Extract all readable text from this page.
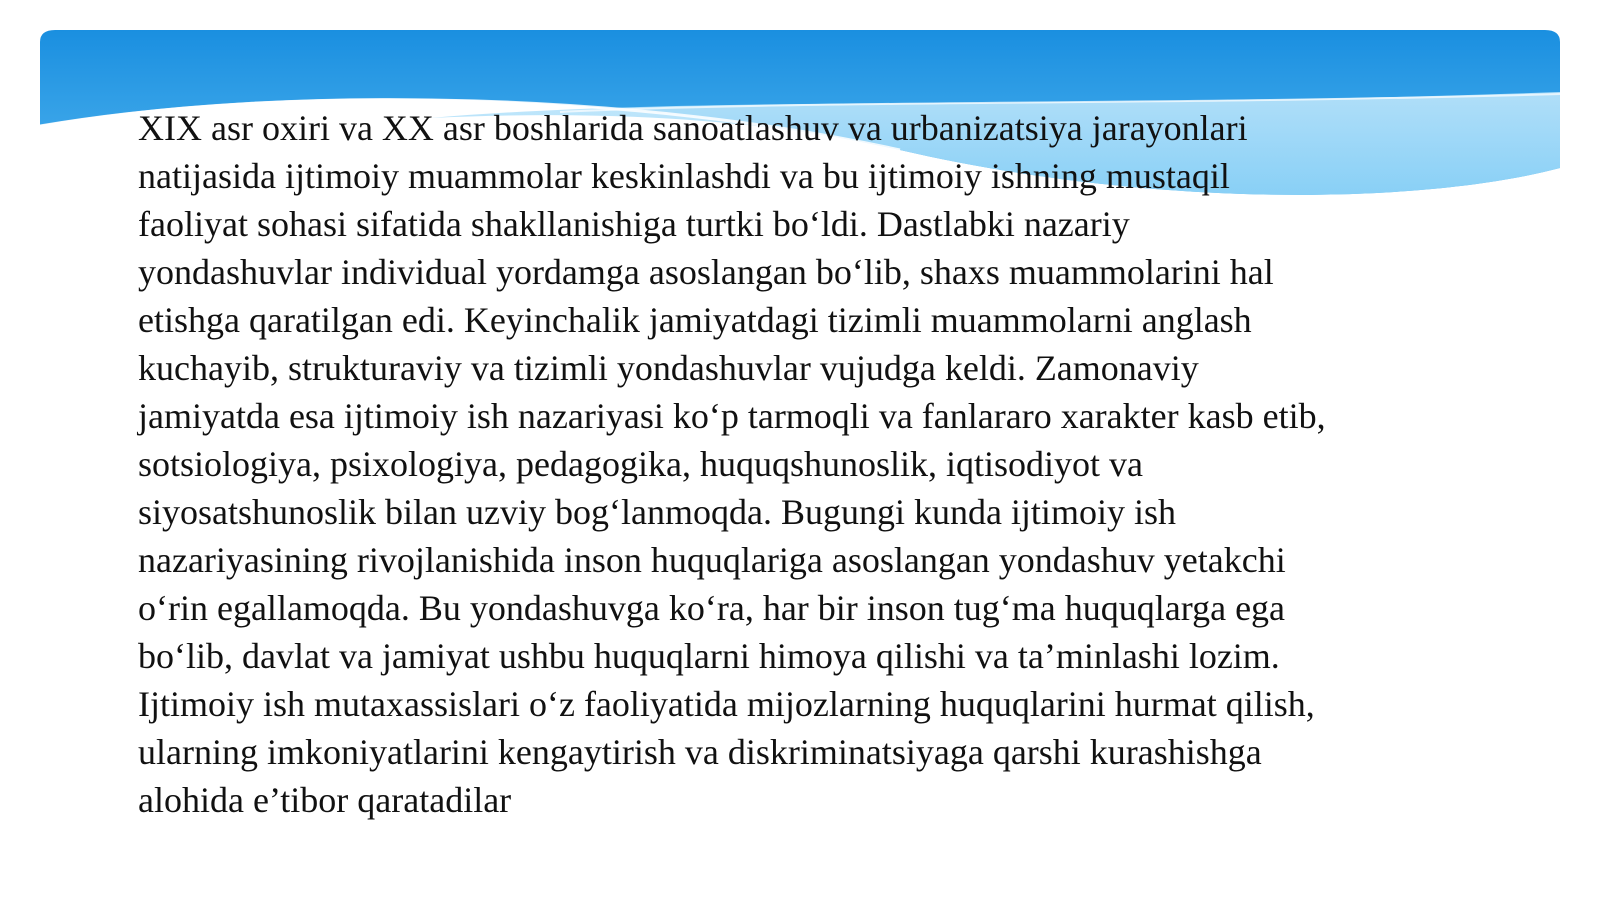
XIX asr oxiri va XX asr boshlarida sanoatlashuv va urbanizatsiya jarayonlari
natijasida ijtimoiy muammolar keskinlashdi va bu ijtimoiy ishning mustaqil
faoliyat sohasi sifatida shakllanishiga turtki bo‘ldi. Dastlabki nazariy
yondashuvlar individual yordamga asoslangan bo‘lib, shaxs muammolarini hal
etishga qaratilgan edi. Keyinchalik jamiyatdagi tizimli muammolarni anglash
kuchayib, strukturaviy va tizimli yondashuvlar vujudga keldi. Zamonaviy
jamiyatda esa ijtimoiy ish nazariyasi ko‘p tarmoqli va fanlararo xarakter kasb etib,
sotsiologiya, psixologiya, pedagogika, huquqshunoslik, iqtisodiyot va
siyosatshunoslik bilan uzviy bog‘lanmoqda. Bugungi kunda ijtimoiy ish
nazariyasining rivojlanishida inson huquqlariga asoslangan yondashuv yetakchi
o‘rin egallamoqda. Bu yondashuvga ko‘ra, har bir inson tug‘ma huquqlarga ega
bo‘lib, davlat va jamiyat ushbu huquqlarni himoya qilishi va ta’minlashi lozim.
Ijtimoiy ish mutaxassislari o‘z faoliyatida mijozlarning huquqlarini hurmat qilish,
ularning imkoniyatlarini kengaytirish va diskriminatsiyaga qarshi kurashishga
alohida e’tibor qaratadilar
